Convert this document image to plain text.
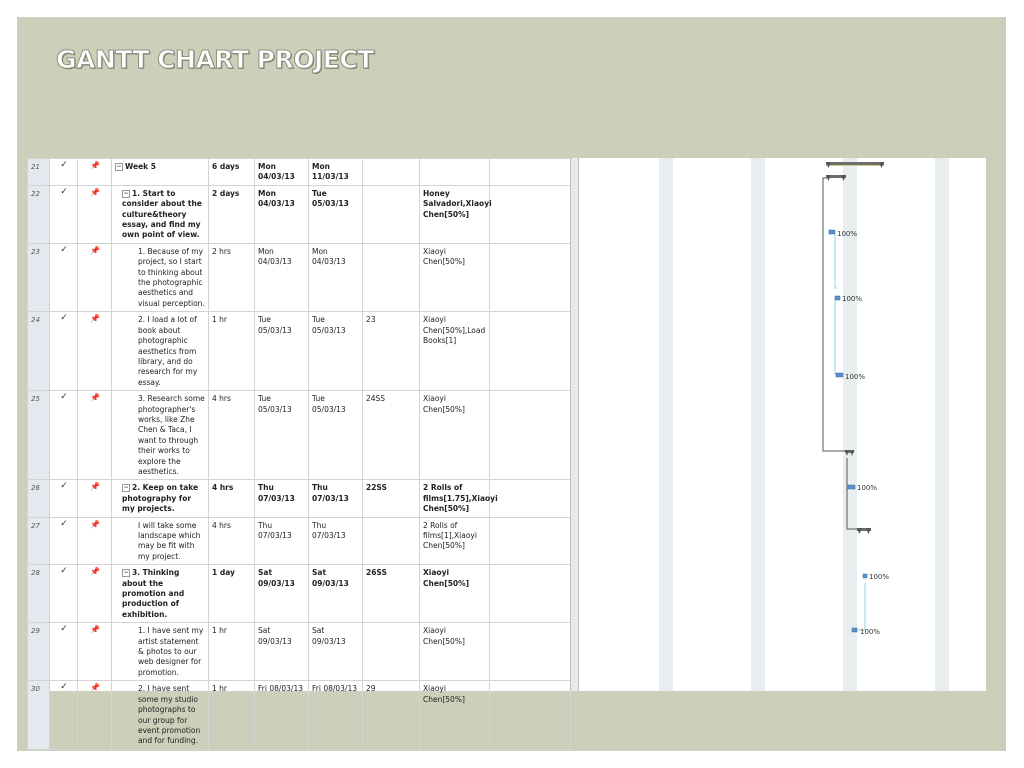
GANTT CHART PROJECT
21	✓	📌	− Week 5	6 days	Mon 04/03/13	Mon 11/03/13			
22	✓	📌	− 1. Start to consider about the culture&theory essay, and find my own point of view.	2 days	Mon 04/03/13	Tue 05/03/13		Honey Salvadori,Xiaoyi Chen[50%]	
23	✓	📌	1. Because of my project, so I start to thinking about the photographic aesthetics and visual perception.	2 hrs	Mon 04/03/13	Mon 04/03/13		Xiaoyi Chen[50%]	
24	✓	📌	2. I load a lot of book about photographic aesthetics from library, and do research for my essay.	1 hr	Tue 05/03/13	Tue 05/03/13	23	Xiaoyi Chen[50%],Load Books[1]	
25	✓	📌	3. Research some photographer's works, like Zhe Chen & Taca, I want to through their works to explore the aesthetics.	4 hrs	Tue 05/03/13	Tue 05/03/13	24SS	Xiaoyi Chen[50%]	
26	✓	📌	− 2. Keep on take photography for my projects.	4 hrs	Thu 07/03/13	Thu 07/03/13	22SS	2 Rolls of films[1.75],Xiaoyi Chen[50%]	
27	✓	📌	I will take some landscape which may be fit with my project.	4 hrs	Thu 07/03/13	Thu 07/03/13		2 Rolls of films[1],Xiaoyi Chen[50%]	
28	✓	📌	− 3. Thinking about the promotion and production of exhibition.	1 day	Sat 09/03/13	Sat 09/03/13	26SS	Xiaoyi Chen[50%]	
29	✓	📌	1. I have sent my artist statement & photos to our web designer for promotion.	1 hr	Sat 09/03/13	Sat 09/03/13		Xiaoyi Chen[50%]	
30	✓	📌	2. I have sent some my studio photographs to our group for event promotion and for funding.	1 hr	Fri 08/03/13	Fri 08/03/13	29	Xiaoyi Chen[50%]	
100%
100%
100%
100%
100%
100%
